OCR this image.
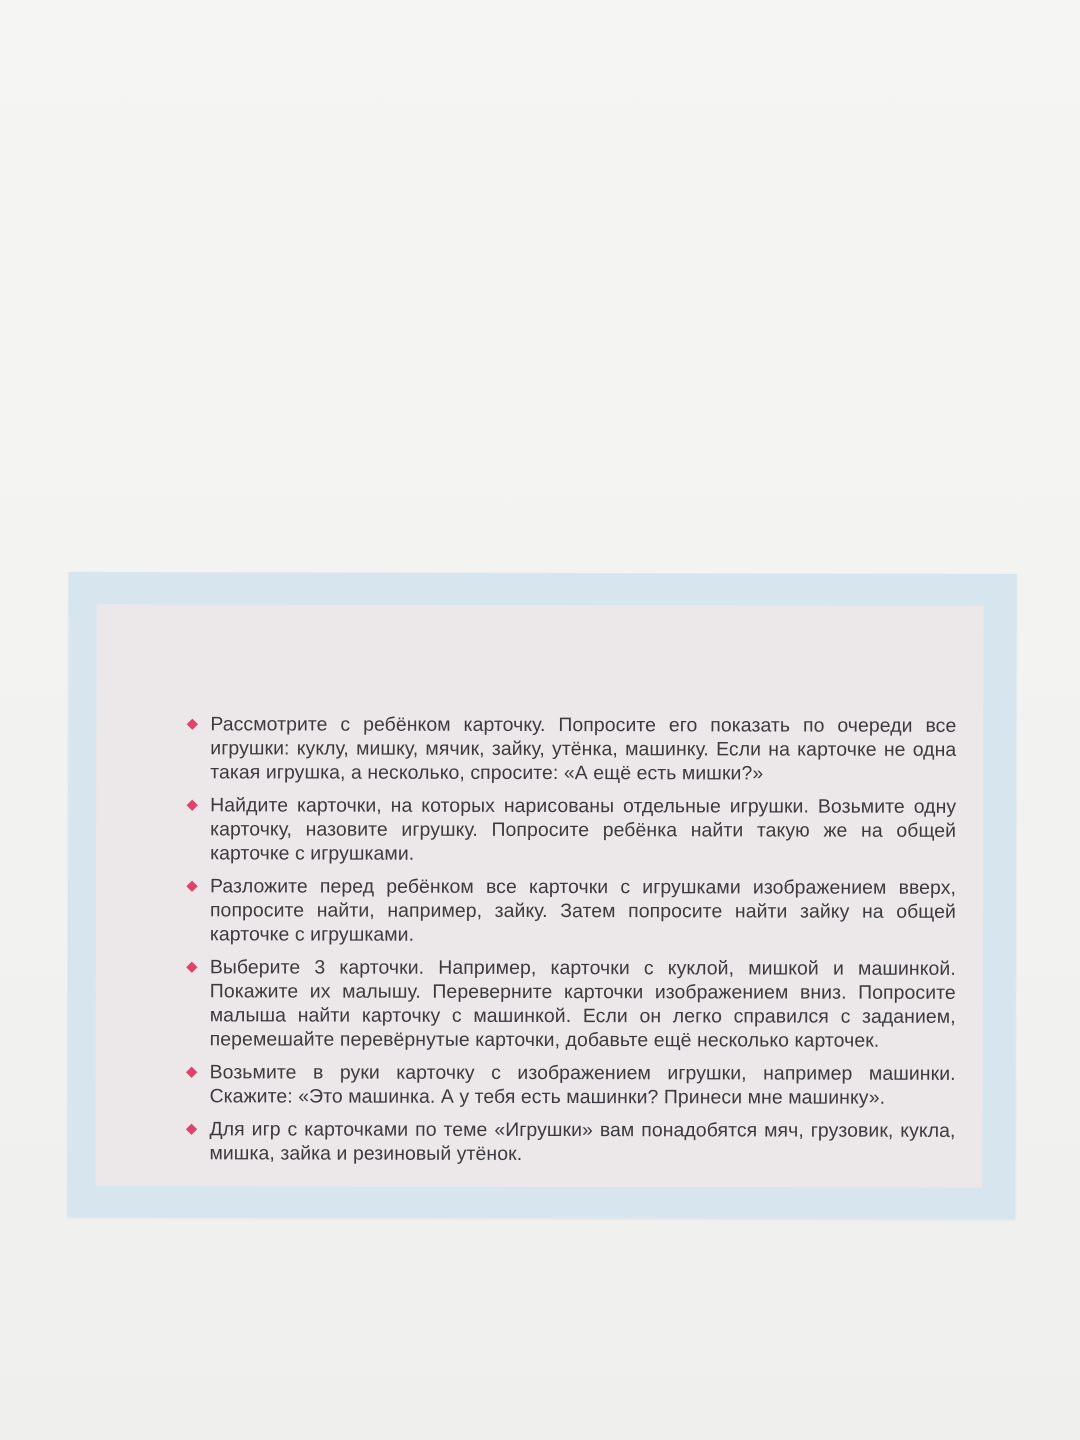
Рассмотрите с ребёнком карточку. Попросите его показать по очереди все игрушки: куклу, мишку, мячик, зайку, утёнка, машинку. Если на карточке не одна такая игрушка, а несколько, спросите: «А ещё есть мишки?»
Найдите карточки, на которых нарисованы отдельные игрушки. Возьмите одну карточку, назовите игрушку. Попросите ребёнка найти такую же на общей карточке с игрушками.
Разложите перед ребёнком все карточки с игрушками изображением вверх, попросите найти, например, зайку. Затем попросите найти зайку на общей карточке с игрушками.
Выберите 3 карточки. Например, карточки с куклой, мишкой и машинкой. Покажите их малышу. Переверните карточки изображением вниз. Попросите малыша найти карточку с машинкой. Если он легко справился с заданием, перемешайте перевёрнутые карточки, добавьте ещё несколько карточек.
Возьмите в руки карточку с изображением игрушки, например машинки. Скажите: «Это машинка. А у тебя есть машинки? Принеси мне машинку».
Для игр с карточками по теме «Игрушки» вам понадобятся мяч, грузовик, кукла, мишка, зайка и резиновый утёнок.
